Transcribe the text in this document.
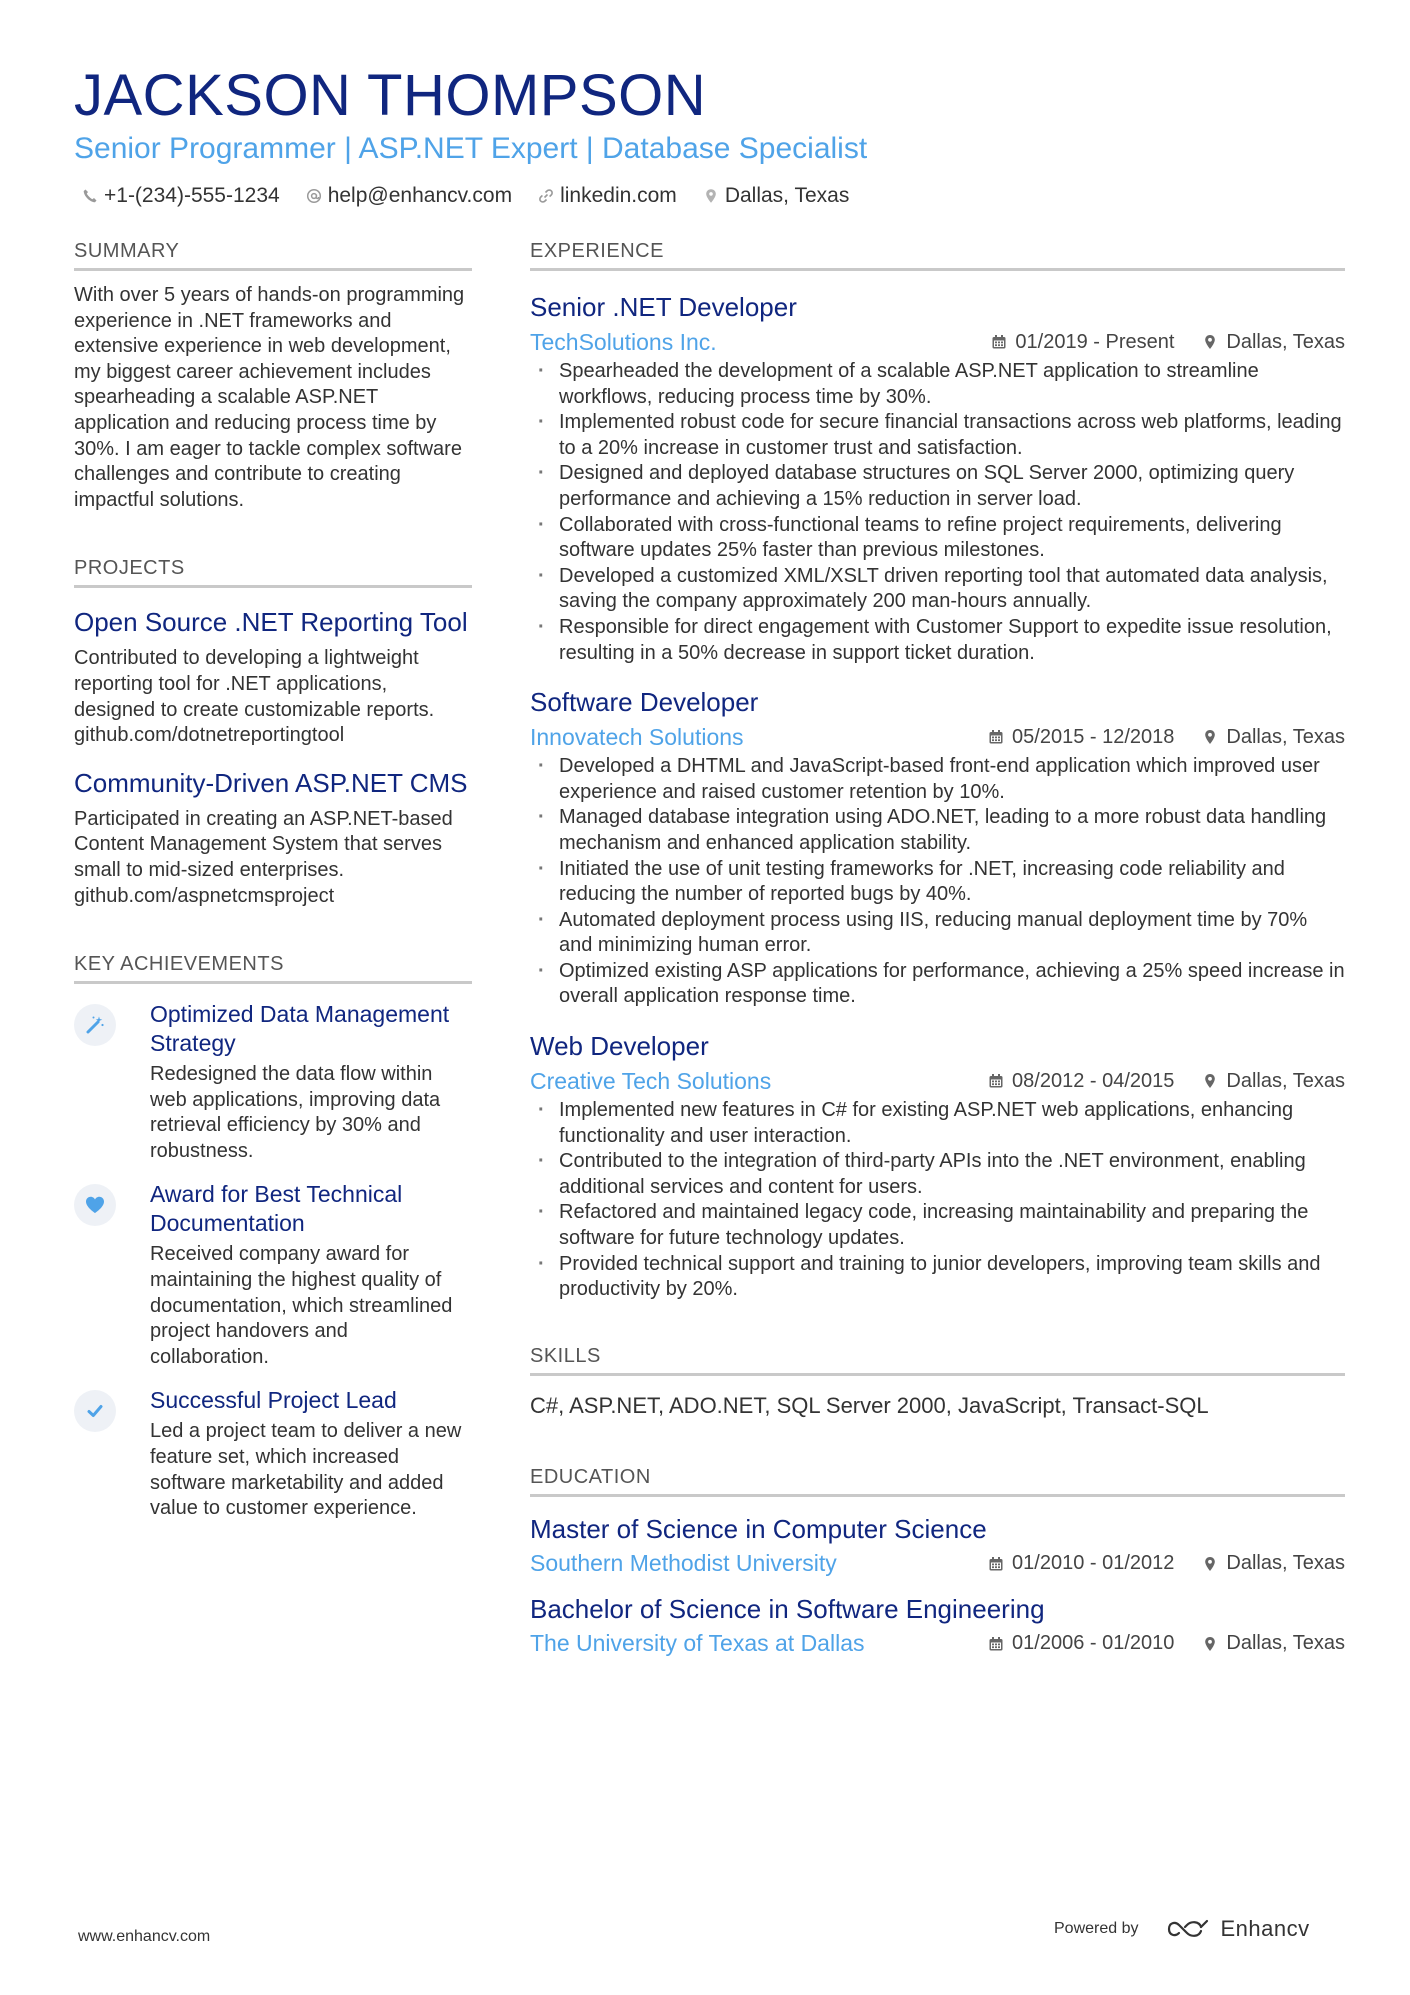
JACKSON THOMPSON
Senior Programmer | ASP.NET Expert | Database Specialist
+1-(234)-555-1234 help@enhancv.com linkedin.com Dallas, Texas
SUMMARY
With over 5 years of hands-on programming experience in .NET frameworks and extensive experience in web development, my biggest career achievement includes spearheading a scalable ASP.NET application and reducing process time by 30%. I am eager to tackle complex software challenges and contribute to creating impactful solutions.
PROJECTS
Open Source .NET Reporting Tool
Contributed to developing a lightweight reporting tool for .NET applications, designed to create customizable reports.
github.com/dotnetreportingtool
Community-Driven ASP.NET CMS
Participated in creating an ASP.NET-based Content Management System that serves small to mid-sized enterprises.
github.com/aspnetcmsproject
KEY ACHIEVEMENTS
Optimized Data Management Strategy
Redesigned the data flow within web applications, improving data retrieval efficiency by 30% and robustness.
Award for Best Technical Documentation
Received company award for maintaining the highest quality of documentation, which streamlined project handovers and collaboration.
Successful Project Lead
Led a project team to deliver a new feature set, which increased software marketability and added value to customer experience.
EXPERIENCE
Senior .NET Developer
TechSolutions Inc.	01/2019 - Present	Dallas, Texas
· Spearheaded the development of a scalable ASP.NET application to streamline workflows, reducing process time by 30%.
· Implemented robust code for secure financial transactions across web platforms, leading to a 20% increase in customer trust and satisfaction.
· Designed and deployed database structures on SQL Server 2000, optimizing query performance and achieving a 15% reduction in server load.
· Collaborated with cross-functional teams to refine project requirements, delivering software updates 25% faster than previous milestones.
· Developed a customized XML/XSLT driven reporting tool that automated data analysis, saving the company approximately 200 man-hours annually.
· Responsible for direct engagement with Customer Support to expedite issue resolution, resulting in a 50% decrease in support ticket duration.
Software Developer
Innovatech Solutions	05/2015 - 12/2018	Dallas, Texas
· Developed a DHTML and JavaScript-based front-end application which improved user experience and raised customer retention by 10%.
· Managed database integration using ADO.NET, leading to a more robust data handling mechanism and enhanced application stability.
· Initiated the use of unit testing frameworks for .NET, increasing code reliability and reducing the number of reported bugs by 40%.
· Automated deployment process using IIS, reducing manual deployment time by 70% and minimizing human error.
· Optimized existing ASP applications for performance, achieving a 25% speed increase in overall application response time.
Web Developer
Creative Tech Solutions	08/2012 - 04/2015	Dallas, Texas
· Implemented new features in C# for existing ASP.NET web applications, enhancing functionality and user interaction.
· Contributed to the integration of third-party APIs into the .NET environment, enabling additional services and content for users.
· Refactored and maintained legacy code, increasing maintainability and preparing the software for future technology updates.
· Provided technical support and training to junior developers, improving team skills and productivity by 20%.
SKILLS
C#, ASP.NET, ADO.NET, SQL Server 2000, JavaScript, Transact-SQL
EDUCATION
Master of Science in Computer Science
Southern Methodist University	01/2010 - 01/2012	Dallas, Texas
Bachelor of Science in Software Engineering
The University of Texas at Dallas	01/2006 - 01/2010	Dallas, Texas
www.enhancv.com	Powered by	Enhancv
